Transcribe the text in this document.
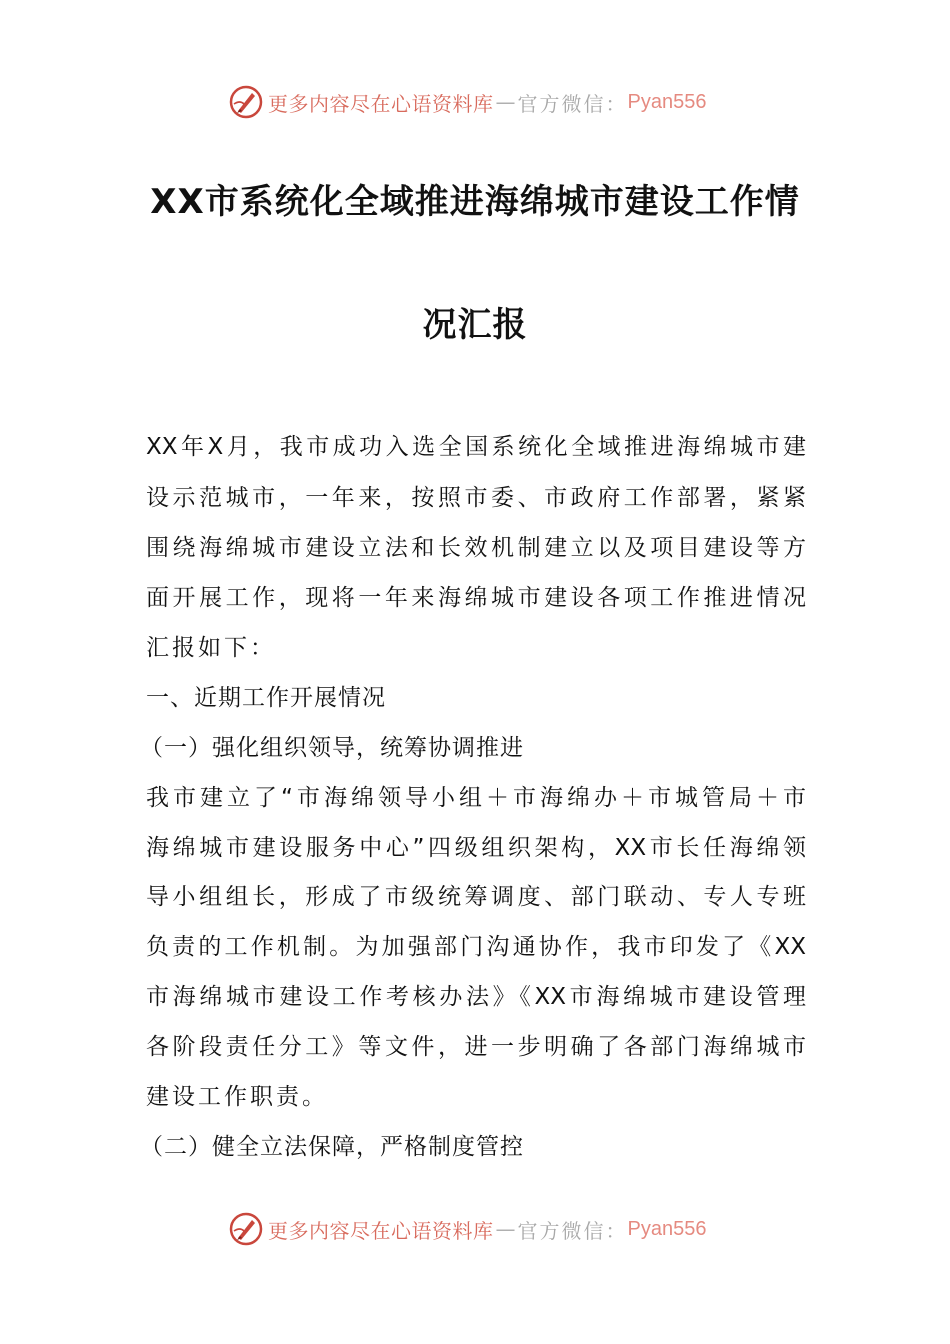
更多内容尽在心语资料库 — 官方微信： Pyan556
XX市系统化全域推进海绵城市建设工作情
况汇报

XX年X月，我市成功入选全国系统化全域推进海绵城市建

设示范城市，一年来，按照市委、市政府工作部署，紧紧

围绕海绵城市建设立法和长效机制建立以及项目建设等方

面开展工作，现将一年来海绵城市建设各项工作推进情况

汇报如下：

一、近期工作开展情况

（一）强化组织领导，统筹协调推进

我市建立了“市海绵领导小组＋市海绵办＋市城管局＋市

海绵城市建设服务中心”四级组织架构，XX市长任海绵领

导小组组长，形成了市级统筹调度、部门联动、专人专班

负责的工作机制。为加强部门沟通协作，我市印发了《XX

市海绵城市建设工作考核办法》《XX市海绵城市建设管理

各阶段责任分工》等文件，进一步明确了各部门海绵城市

建设工作职责。

（二）健全立法保障，严格制度管控

更多内容尽在心语资料库 — 官方微信： Pyan556
